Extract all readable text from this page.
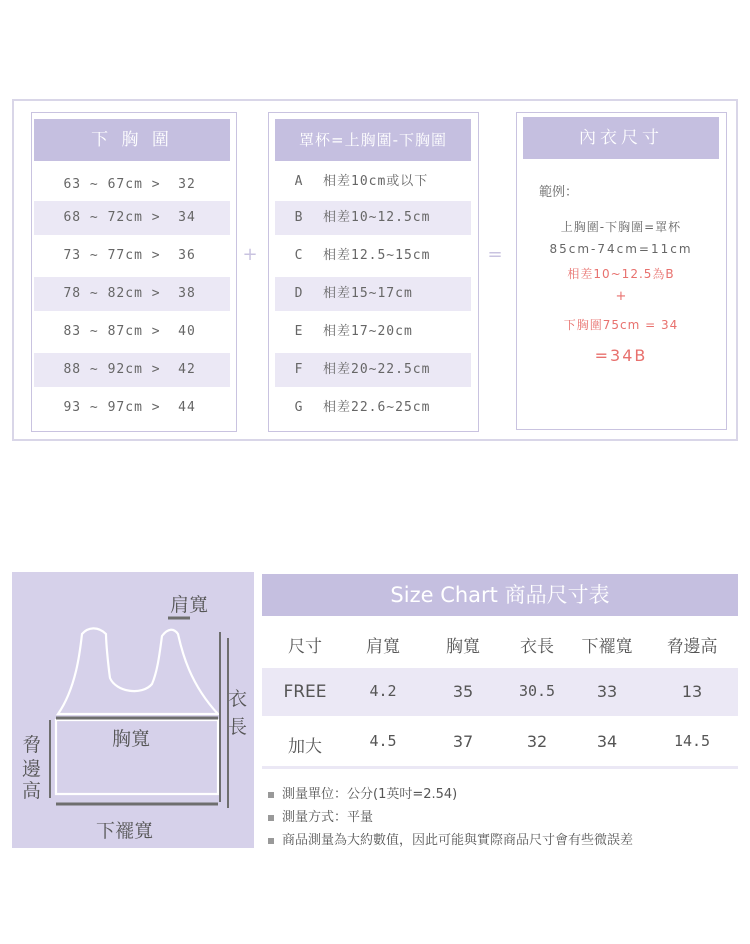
下 胸 圍
63 ~ 67cm > 32
68 ~ 72cm > 34
73 ~ 77cm > 36
78 ~ 82cm > 38
83 ~ 87cm > 40
88 ~ 92cm > 42
93 ~ 97cm > 44
+
罩杯=上胸圍-下胸圍
A 相差10cm或以下
B 相差10~12.5cm
C 相差12.5~15cm
D 相差15~17cm
E 相差17~20cm
F 相差20~22.5cm
G 相差22.6~25cm
=
內衣尺寸
範例：
上胸圍-下胸圍=罩杯
85cm-74cm=11cm
相差10~12.5為B
+
下胸圍75cm = 34
=34B
肩寬
衣
長
胸寬
脅
邊
高
下襬寬
Size Chart 商品尺寸表
尺寸	肩寬	胸寬	衣長	下襬寬	脅邊高
FREE	4.2	35	30.5	33	13
加大	4.5	37	32	34	14.5
測量單位：公分(1英吋=2.54)
測量方式：平量
商品測量為大約數值，因此可能與實際商品尺寸會有些微誤差
